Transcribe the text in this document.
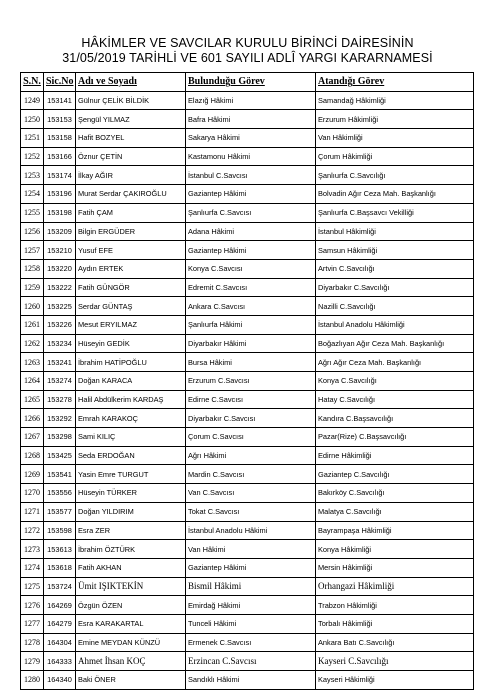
HÂKİMLER VE SAVCILAR KURULU BİRİNCİ DAİRESİNİN
31/05/2019 TARİHLİ VE 601 SAYILI ADLÎ YARGI KARARNAMESİ
S.N.	Sic.No	Adı ve Soyadı	Bulunduğu Görev	Atandığı Görev
1249	153141	Gülnur ÇELİK BİLDİK	Elazığ Hâkimi	Samandağ Hâkimliği
1250	153153	Şengül YILMAZ	Bafra Hâkimi	Erzurum Hâkimliği
1251	153158	Hafit BOZYEL	Sakarya Hâkimi	Van Hâkimliği
1252	153166	Öznur ÇETİN	Kastamonu Hâkimi	Çorum Hâkimliği
1253	153174	İlkay AĞIR	İstanbul C.Savcısı	Şanlıurfa C.Savcılığı
1254	153196	Murat Serdar ÇAKIROĞLU	Gaziantep Hâkimi	Bolvadin Ağır Ceza Mah. Başkanlığı
1255	153198	Fatih ÇAM	Şanlıurfa C.Savcısı	Şanlıurfa C.Başsavcı Vekilliği
1256	153209	Bilgin ERGÜDER	Adana Hâkimi	İstanbul Hâkimliği
1257	153210	Yusuf EFE	Gaziantep Hâkimi	Samsun Hâkimliği
1258	153220	Aydın ERTEK	Konya C.Savcısı	Artvin C.Savcılığı
1259	153222	Fatih GÜNGÖR	Edremit C.Savcısı	Diyarbakır C.Savcılığı
1260	153225	Serdar GÜNTAŞ	Ankara C.Savcısı	Nazilli C.Savcılığı
1261	153226	Mesut ERYILMAZ	Şanlıurfa Hâkimi	İstanbul Anadolu Hâkimliği
1262	153234	Hüseyin GEDİK	Diyarbakır Hâkimi	Boğazlıyan Ağır Ceza Mah. Başkanlığı
1263	153241	İbrahim HATİPOĞLU	Bursa Hâkimi	Ağrı Ağır Ceza Mah. Başkanlığı
1264	153274	Doğan KARACA	Erzurum C.Savcısı	Konya C.Savcılığı
1265	153278	Halil Abdülkerim KARDAŞ	Edirne C.Savcısı	Hatay C.Savcılığı
1266	153292	Emrah KARAKOÇ	Diyarbakır C.Savcısı	Kandıra C.Başsavcılığı
1267	153298	Sami KILIÇ	Çorum C.Savcısı	Pazar(Rize) C.Başsavcılığı
1268	153425	Seda ERDOĞAN	Ağrı Hâkimi	Edirne Hâkimliği
1269	153541	Yasin Emre TURGUT	Mardin C.Savcısı	Gaziantep C.Savcılığı
1270	153556	Hüseyin TÜRKER	Van C.Savcısı	Bakırköy C.Savcılığı
1271	153577	Doğan YILDIRIM	Tokat C.Savcısı	Malatya C.Savcılığı
1272	153598	Esra ZER	İstanbul Anadolu Hâkimi	Bayrampaşa Hâkimliği
1273	153613	İbrahim ÖZTÜRK	Van Hâkimi	Konya Hâkimliği
1274	153618	Fatih AKHAN	Gaziantep Hâkimi	Mersin Hâkimliği
1275	153724	Ümit IŞIKTEKİN	Bismil Hâkimi	Orhangazi Hâkimliği
1276	164269	Özgün ÖZEN	Emirdağ Hâkimi	Trabzon Hâkimliği
1277	164279	Esra KARAKARTAL	Tunceli Hâkimi	Torbalı Hâkimliği
1278	164304	Emine MEYDAN KÜNZÜ	Ermenek C.Savcısı	Ankara Batı C.Savcılığı
1279	164333	Ahmet İhsan KOÇ	Erzincan C.Savcısı	Kayseri C.Savcılığı
1280	164340	Baki ÖNER	Sandıklı Hâkimi	Kayseri Hâkimliği
